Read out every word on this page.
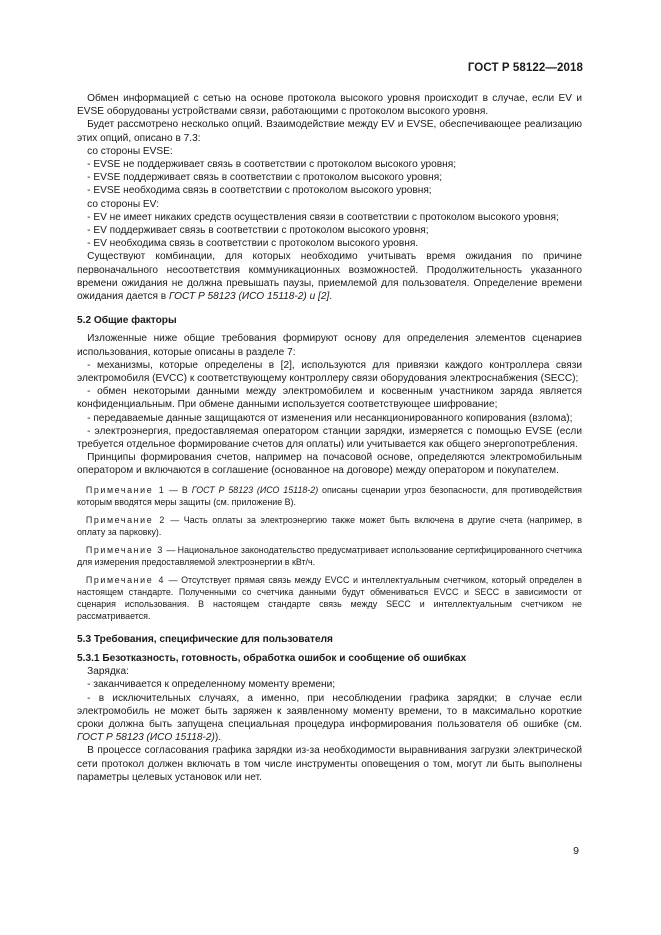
ГОСТ Р 58122—2018

Обмен информацией с сетью на основе протокола высокого уровня происходит в случае, если EV и EVSE оборудованы устройствами связи, работающими с протоколом высокого уровня.

Будет рассмотрено несколько опций. Взаимодействие между EV и EVSE, обеспечивающее реализацию этих опций, описано в 7.3:

со стороны EVSE:

- EVSE не поддерживает связь в соответствии с протоколом высокого уровня;

- EVSE поддерживает связь в соответствии с протоколом высокого уровня;

- EVSE необходима связь в соответствии с протоколом высокого уровня;

со стороны EV:

- EV не имеет никаких средств осуществления связи в соответствии с протоколом высокого уровня;

- EV поддерживает связь в соответствии с протоколом высокого уровня;

- EV необходима связь в соответствии с протоколом высокого уровня.

Существуют комбинации, для которых необходимо учитывать время ожидания по причине первоначального несоответствия коммуникационных возможностей. Продолжительность указанного времени ожидания не должна превышать паузы, приемлемой для пользователя. Определение времени ожидания дается в ГОСТ Р 58123 (ИСО 15118-2) и [2].

5.2 Общие факторы

Изложенные ниже общие требования формируют основу для определения элементов сценариев использования, которые описаны в разделе 7:

- механизмы, которые определены в [2], используются для привязки каждого контроллера связи электромобиля (EVCC) к соответствующему контроллеру связи оборудования электроснабжения (SECC);

- обмен некоторыми данными между электромобилем и косвенным участником заряда является конфиденциальным. При обмене данными используется соответствующее шифрование;

- передаваемые данные защищаются от изменения или несанкционированного копирования (взлома);

- электроэнергия, предоставляемая оператором станции зарядки, измеряется с помощью EVSE (если требуется отдельное формирование счетов для оплаты) или учитывается как общего энергопотребления.

Принципы формирования счетов, например на почасовой основе, определяются электромобильным оператором и включаются в соглашение (основанное на договоре) между оператором и покупателем.

Примечание 1 — В ГОСТ Р 58123 (ИСО 15118-2) описаны сценарии угроз безопасности, для противодействия которым вводятся меры защиты (см. приложение В).

Примечание 2 — Часть оплаты за электроэнергию также может быть включена в другие счета (например, в оплату за парковку).

Примечание 3 — Национальное законодательство предусматривает использование сертифицированного счетчика для измерения предоставляемой электроэнергии в кВт/ч.

Примечание 4 — Отсутствует прямая связь между EVCC и интеллектуальным счетчиком, который определен в настоящем стандарте. Полученными со счетчика данными будут обмениваться EVCC и SECC в зависимости от сценария использования. В настоящем стандарте связь между SECC и интеллектуальным счетчиком не рассматривается.

5.3 Требования, специфические для пользователя
5.3.1 Безотказность, готовность, обработка ошибок и сообщение об ошибках

Зарядка:

- заканчивается к определенному моменту времени;

- в исключительных случаях, а именно, при несоблюдении графика зарядки; в случае если электромобиль не может быть заряжен к заявленному моменту времени, то в максимально короткие сроки должна быть запущена специальная процедура информирования пользователя об ошибке (см. ГОСТ Р 58123 (ИСО 15118-2)).

В процессе согласования графика зарядки из-за необходимости выравнивания загрузки электрической сети протокол должен включать в том числе инструменты оповещения о том, могут ли быть выполнены параметры целевых установок или нет.

9
